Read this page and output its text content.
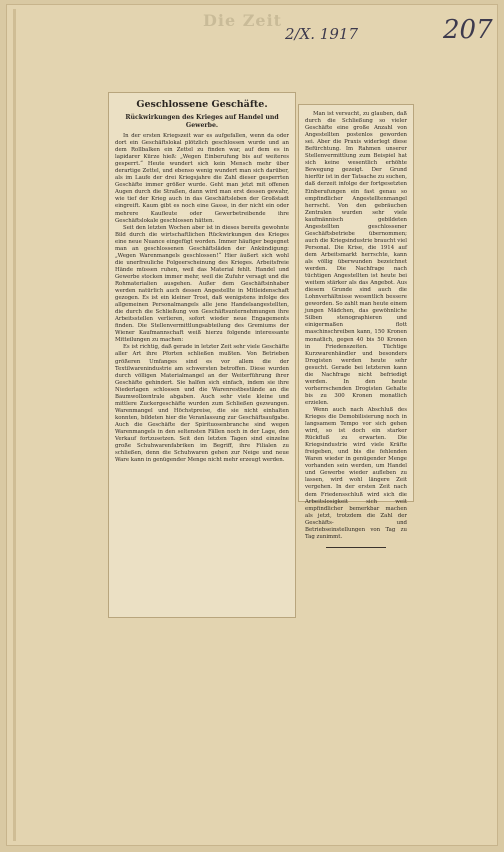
Die Zeit
2/X. 1917	207
Geschlossene Geschäfte.
Rückwirkungen des Krieges auf Handel und Gewerbe.

In der ersten Kriegszeit war es aufgefallen, wenn da oder dort ein Geschäftslokal plötzlich geschlossen wurde und an dem Rollbalken ein Zettel zu finden war, auf dem es in lapidarer Kürze hieß: „Wegen Einberufung bis auf weiteres gesperrt.“ Heute wundert sich kein Mensch mehr über derartige Zettel, und ebenso wenig wundert man sich darüber, als im Laufe der drei Kriegsjahre die Zahl dieser gesperrten Geschäfte immer größer wurde. Geht man jetzt mit offenen Augen durch die Straßen, dann wird man erst dessen gewahr, wie tief der Krieg auch in das Geschäftsleben der Großstadt eingreift. Kaum gibt es noch eine Gasse, in der nicht ein oder mehrere Kaufleute oder Gewerbetreibende ihre Geschäftslokale geschlossen hätten.

Seit den letzten Wochen aber ist in dieses bereits gewohnte Bild durch die wirtschaftlichen Rückwirkungen des Krieges eine neue Nuance eingefügt worden. Immer häufiger begegnet man an geschlossenen Geschäftsläden der Ankündigung: „Wegen Warenmangels geschlossen!“ Hier äußert sich wohl die unerfreuliche Folgeerscheinung des Krieges. Arbeitsfreie Hände müssen ruhen, weil das Material fehlt. Handel und Gewerbe stocken immer mehr, weil die Zufuhr versagt und die Rohmaterialien ausgehen. Außer dem Geschäftsinhaber werden natürlich auch dessen Angestellte in Mitleidenschaft gezogen. Es ist ein kleiner Trost, daß wenigstens infolge des allgemeinen Personalmangels alle jene Handelsangestellten, die durch die Schließung von Geschäftsunternehmungen ihre Arbeitsstellen verlieren, sofort wieder neue Engagements finden. Die Stellenvermittlungsabteilung des Gremiums der Wiener Kaufmannschaft weiß hierzu folgende interessante Mitteilungen zu machen:

Es ist richtig, daß gerade in letzter Zeit sehr viele Geschäfte aller Art ihre Pforten schließen mußten. Von Betrieben größeren Umfanges sind es vor allem die der Textilwarenindustrie am schwersten betroffen. Diese wurden durch völligen Materialmangel an der Weiterführung ihrer Geschäfte gehindert. Sie halfen sich einfach, indem sie ihre Niederlagen schlossen und die Warenrestbestände an die Baumwollzentrale abgaben. Auch sehr viele kleine und mittlere Zuckergeschäfte wurden zum Schließen gezwungen. Warenmangel und Höchstpreise, die sie nicht einhalten konnten, bildeten hier die Veranlassung zur Geschäftsaufgabe. Auch die Geschäfte der Spirituosenbranche sind wegen Warenmangels in den seltensten Fällen noch in der Lage, den Verkauf fortzusetzen. Seit den letzten Tagen sind einzelne große Schuhwarenfabriken im Begriff, ihre Filialen zu schließen, denn die Schuhwaren gehen zur Neige und neue Ware kann in genügender Menge nicht mehr erzeugt werden.

Man ist versucht, zu glauben, daß durch die Schließung so vieler Geschäfte eine große Anzahl von Angestellten postenlos geworden sei. Aber die Praxis widerlegt diese Befürchtung. Im Rahmen unserer Stellenvermittlung zum Beispiel hat sich keine wesentlich erhöhte Bewegung gezeigt. Der Grund hierfür ist in der Tatsache zu suchen, daß derzeit infolge der fortgesetzten Einberufungen ein fast genau so empfindlicher Angestelltenmangel herrscht. Von den gebräuchen Zentralen wurden sehr viele kaufmännisch gebildeten Angestellten geschlossener Geschäftsbetriebe übernommen; auch die Kriegsindustrie braucht viel Personal. Die Krise, die 1914 auf dem Arbeitsmarkt herrschte, kann als völlig überwunden bezeichnet werden. Die Nachfrage nach tüchtigen Angestellten ist heute bei weitem stärker als das Angebot. Aus diesem Grunde sind auch die Lohnverhältnisse wesentlich bessere geworden. So zahlt man heute einem jungen Mädchen, das gewöhnliche Silben stenographieren und einigermaßen flott maschinschreiben kann, 150 Kronen monatlich, gegen 40 bis 50 Kronen in Friedenszeiten. Tüchtige Kurzwarenhändler und besonders Drogisten werden heute sehr gesucht. Gerade bei letzteren kann die Nachfrage nicht befriedigt werden. In den heute vorherrschenden Drogisten Gehalte bis zu 300 Kronen monatlich erzielen.

Wenn auch nach Abschluß des Krieges die Demobilisierung noch in langsamem Tempo vor sich gehen wird, so ist doch ein starker Rückfluß zu erwarten. Die Kriegsindustrie wird viele Kräfte freigeben, und bis die fehlenden Waren wieder in genügender Menge vorhanden sein werden, um Handel und Gewerbe wieder aufleben zu lassen, wird wohl längere Zeit vergehen. In der ersten Zeit nach dem Friedensschluß wird sich die Arbeitslosigkeit sich weit empfindlicher bemerkbar machen als jetzt, trotzdem die Zahl der Geschäfts- und Betriebseinstellungen von Tag zu Tag zunimmt.
